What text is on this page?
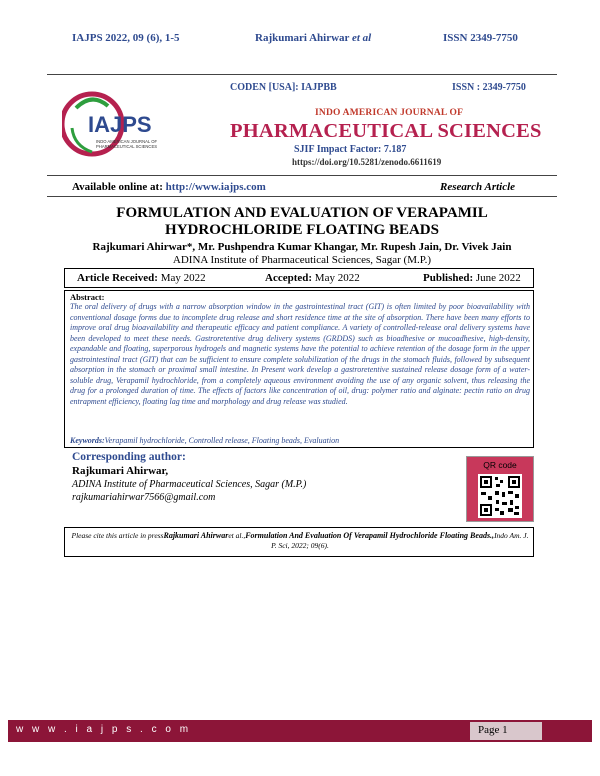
IAJPS 2022, 09 (6), 1-5	Rajkumari Ahirwar et al	ISSN 2349-7750
IAJPS
INDO AMERICAN JOURNAL OF
PHARMACEUTICAL SCIENCES
CODEN [USA]: IAJPBB	ISSN : 2349-7750
INDO AMERICAN JOURNAL OF
PHARMACEUTICAL SCIENCES
SJIF Impact Factor: 7.187
https://doi.org/10.5281/zenodo.6611619
Available online at: http://www.iajps.com	Research Article
FORMULATION AND EVALUATION OF VERAPAMIL
HYDROCHLORIDE FLOATING BEADS
Rajkumari Ahirwar*, Mr. Pushpendra Kumar Khangar, Mr. Rupesh Jain, Dr. Vivek Jain
ADINA Institute of Pharmaceutical Sciences, Sagar (M.P.)
Article Received: May 2022	Accepted: May 2022	Published: June 2022
Abstract:
The oral delivery of drugs with a narrow absorption window in the gastrointestinal tract (GIT) is often limited by poor bioavailability with conventional dosage forms due to incomplete drug release and short residence time at the site of absorption. There have been many efforts to improve oral drug bioavailability and therapeutic efficacy and patient compliance. A variety of controlled-release oral delivery systems have been developed to meet these needs. Gastroretentive drug delivery systems (GRDDS) such as bioadhesive or mucoadhesive, high-density, expandable and floating, superporous hydrogels and magnetic systems have the potential to achieve retention of the dosage form in the upper gastrointestinal tract (GIT) that can be sufficient to ensure complete solubilization of the drugs in the stomach fluids, followed by subsequent absorption in the stomach or proximal small intestine. In Present work develop a gastroretentive sustained release dosage form of a water-soluble drug, Verapamil hydrochloride, from a completely aqueous environment avoiding the use of any organic solvent, thus releasing the drug for a prolonged duration of time. The effects of factors like concentration of oil, drug: polymer ratio and alginate: pectin ratio on drug entrapment efficiency, floating lag time and morphology and drug release was studied.
Keywords:Verapamil hydrochloride, Controlled release, Floating beads, Evaluation
Corresponding author:
Rajkumari Ahirwar,
ADINA Institute of Pharmaceutical Sciences, Sagar (M.P.)
rajkumariahirwar7566@gmail.com
QR code
Please cite this article in pressRajkumari Ahirwaret al.,Formulation And Evaluation Of Verapamil Hydrochloride Floating Beads.,Indo Am. J. P. Sci, 2022; 09(6).
w w w . i a j p s . c o m	Page 1
